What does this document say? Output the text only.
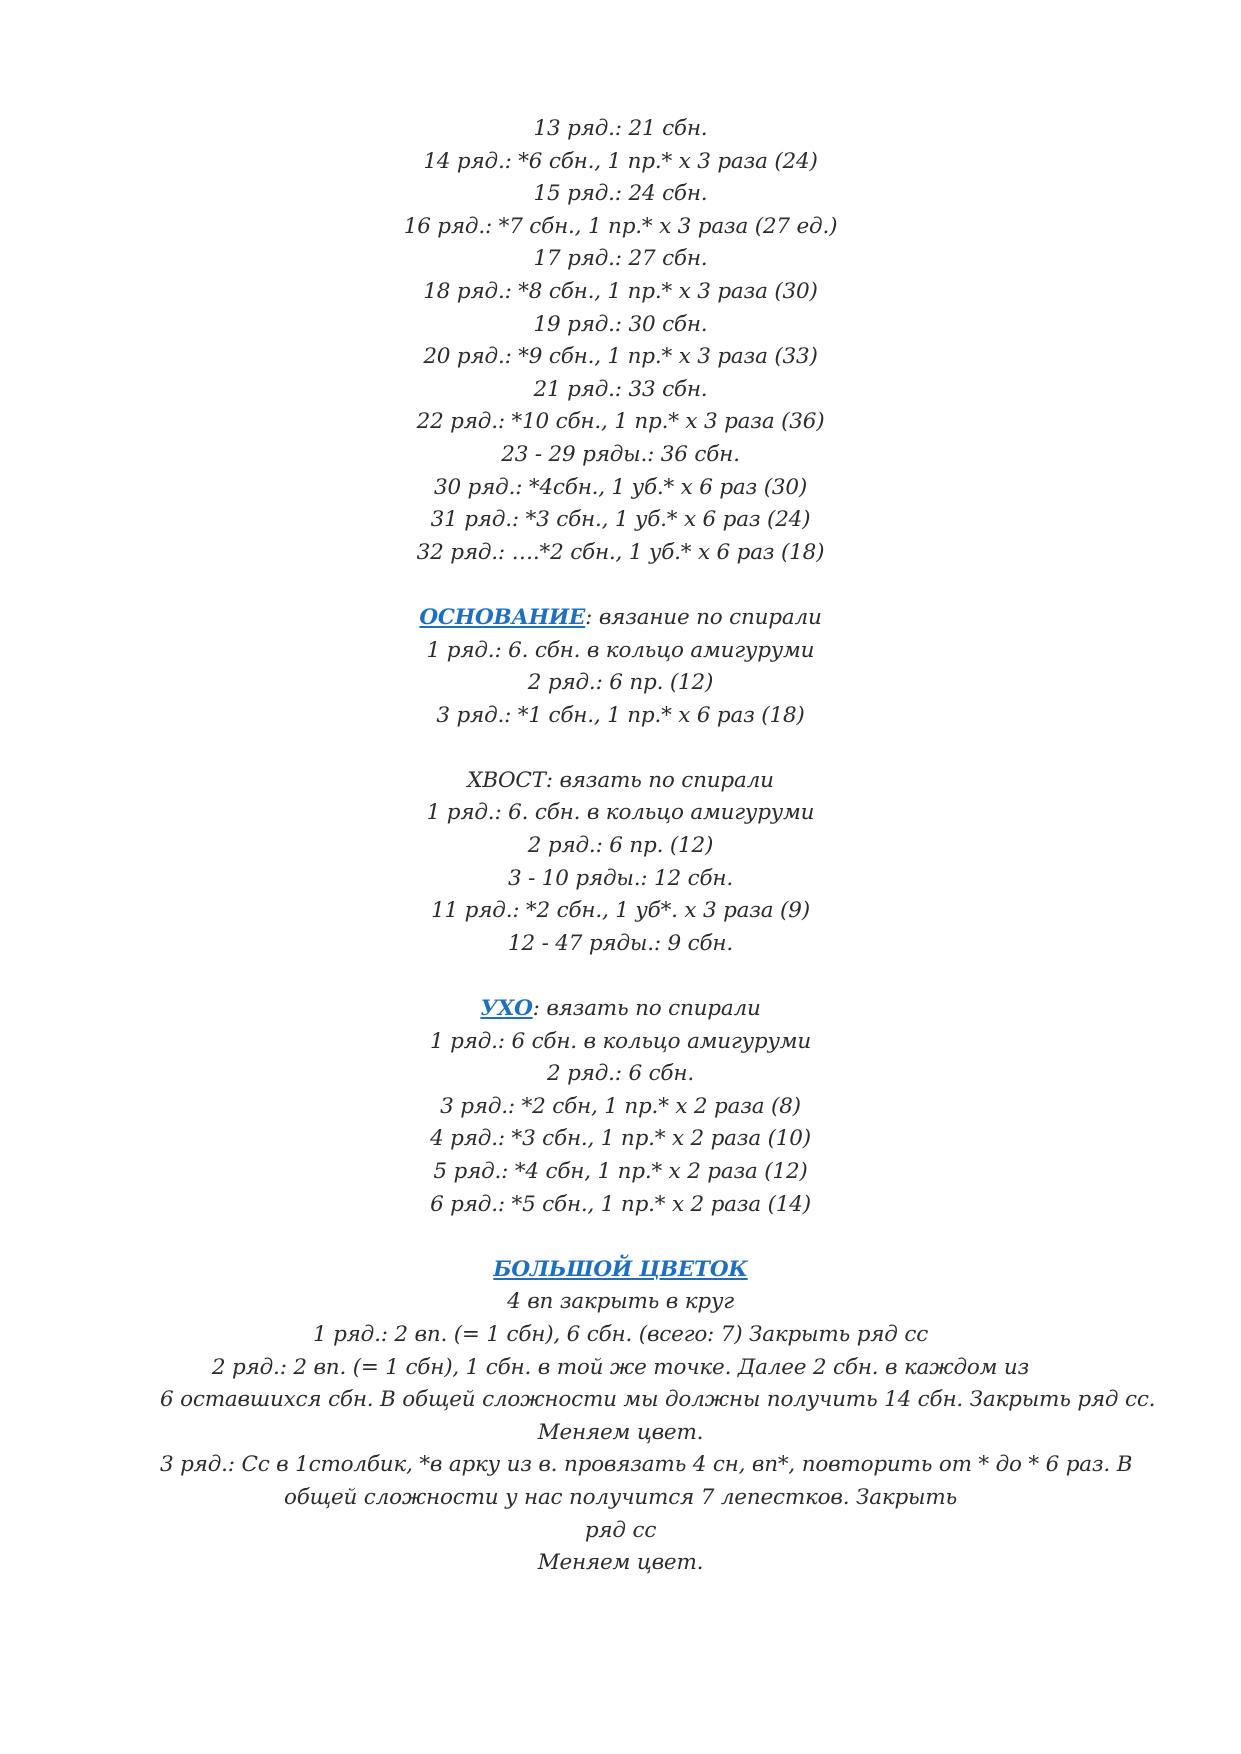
13 ряд.: 21 сбн.
14 ряд.: *6 сбн., 1 пр.* х 3 раза (24)
15 ряд.: 24 сбн.
16 ряд.: *7 сбн., 1 пр.* х 3 раза (27 ед.)
17 ряд.: 27 сбн.
18 ряд.: *8 сбн., 1 пр.* х 3 раза (30)
19 ряд.: 30 сбн.
20 ряд.: *9 сбн., 1 пр.* х 3 раза (33)
21 ряд.: 33 сбн.
22 ряд.: *10 сбн., 1 пр.* х 3 раза (36)
23 - 29 ряды.: 36 сбн.
30 ряд.: *4сбн., 1 уб.* х 6 раз (30)
31 ряд.: *3 сбн., 1 уб.* х 6 раз (24)
32 ряд.: ….*2 сбн., 1 уб.* х 6 раз (18)
ОСНОВАНИЕ: вязание по спирали
1 ряд.: 6. сбн. в кольцо амигуруми
2 ряд.: 6 пр. (12)
3 ряд.: *1 сбн., 1 пр.* х 6 раз (18)
ХВОСТ: вязать по спирали
1 ряд.: 6. сбн. в кольцо амигуруми
2 ряд.: 6 пр. (12)
3 - 10 ряды.: 12 сбн.
11 ряд.: *2 сбн., 1 уб*. х 3 раза (9)
12 - 47 ряды.: 9 сбн.
УХО: вязать по спирали
1 ряд.: 6 сбн. в кольцо амигуруми
2 ряд.: 6 сбн.
3 ряд.: *2 сбн, 1 пр.* х 2 раза (8)
4 ряд.: *3 сбн., 1 пр.* х 2 раза (10)
5 ряд.: *4 сбн, 1 пр.* х 2 раза (12)
6 ряд.: *5 сбн., 1 пр.* х 2 раза (14)
БОЛЬШОЙ ЦВЕТОК
4 вп закрыть в круг
1 ряд.: 2 вп. (= 1 сбн), 6 сбн. (всего: 7) Закрыть ряд сс
2 ряд.: 2 вп. (= 1 сбн), 1 сбн. в той же точке. Далее 2 сбн. в каждом из
6 оставшихся сбн. В общей сложности мы должны получить 14 сбн. Закрыть ряд сс.
Меняем цвет.
3 ряд.: Сс в 1столбик, *в арку из в. провязать 4 сн, вп*, повторить от * до * 6 раз. В
общей сложности у нас получится 7 лепестков. Закрыть
ряд сс
Меняем цвет.
